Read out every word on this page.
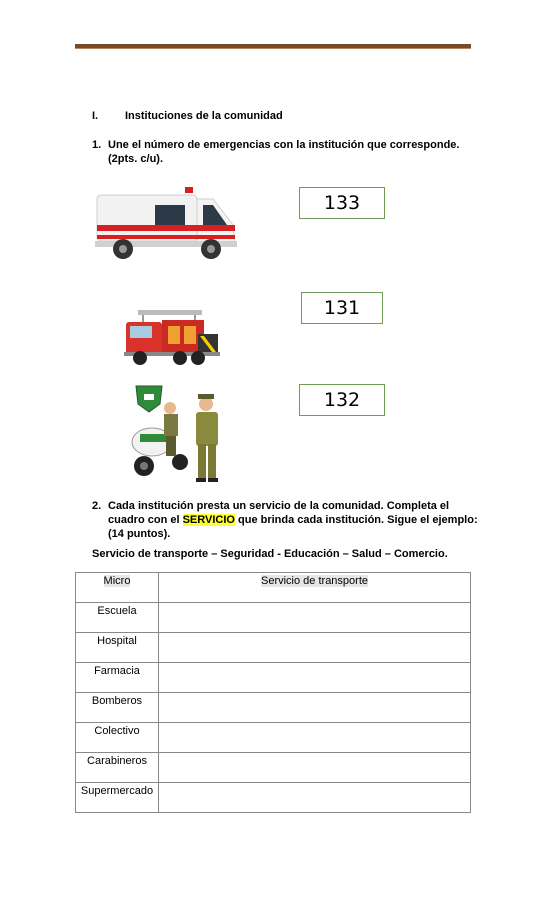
I. Instituciones de la comunidad
1. Une el número de emergencias con la institución que corresponde. (2pts. c/u).
133
131
132
2. Cada institución presta un servicio de la comunidad. Completa el cuadro con el SERVICIO que brinda cada institución. Sigue el ejemplo: (14 puntos).
Servicio de transporte – Seguridad - Educación – Salud – Comercio.
Micro	Servicio de transporte
Escuela	
Hospital	
Farmacia	
Bomberos	
Colectivo	
Carabineros	
Supermercado	
